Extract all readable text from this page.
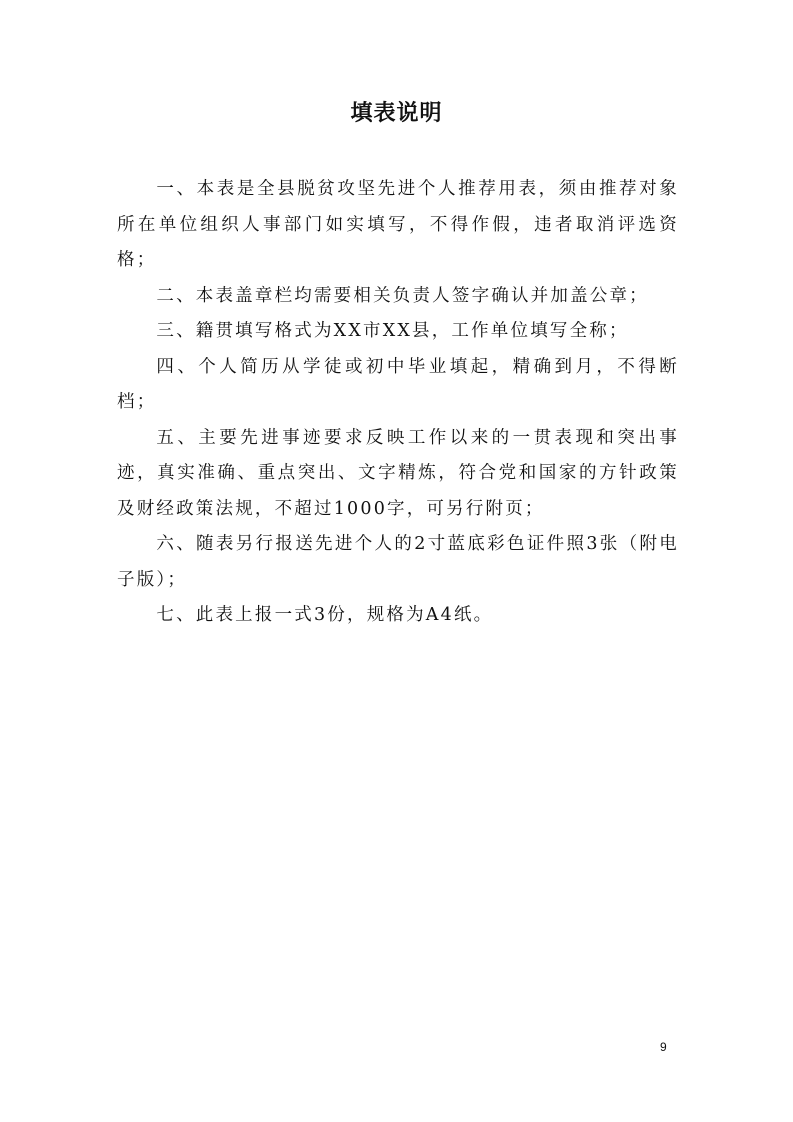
填表说明

一、本表是全县脱贫攻坚先进个人推荐用表，须由推荐对象所在单位组织人事部门如实填写，不得作假，违者取消评选资格；

二、本表盖章栏均需要相关负责人签字确认并加盖公章；

三、籍贯填写格式为XX市XX县，工作单位填写全称；

四、个人简历从学徒或初中毕业填起，精确到月，不得断档；

五、主要先进事迹要求反映工作以来的一贯表现和突出事迹，真实准确、重点突出、文字精炼，符合党和国家的方针政策及财经政策法规，不超过1000字，可另行附页；

六、随表另行报送先进个人的2寸蓝底彩色证件照3张（附电子版）；

七、此表上报一式3份，规格为A4纸。

9
